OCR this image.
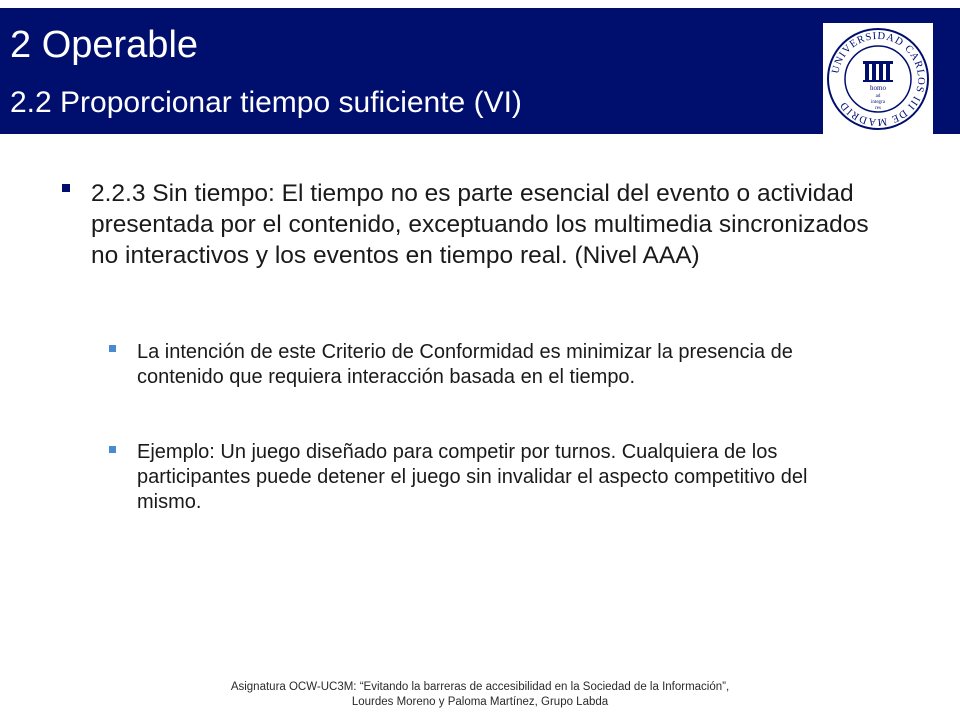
2 Operable
2.2 Proporcionar tiempo suficiente (VI)
UNIVERSIDAD CARLOS III DE MADRID
homo
ad
integra
res
2.2.3 Sin tiempo: El tiempo no es parte esencial del evento o actividad presentada por el contenido, exceptuando los multimedia sincronizados no interactivos y los eventos en tiempo real. (Nivel AAA)
La intención de este Criterio de Conformidad es minimizar la presencia de contenido que requiera interacción basada en el tiempo.
Ejemplo: Un juego diseñado para competir por turnos. Cualquiera de los participantes puede detener el juego sin invalidar el aspecto competitivo del mismo.
Asignatura OCW-UC3M: “Evitando la barreras de accesibilidad en la Sociedad de la Información”,
Lourdes Moreno y Paloma Martínez, Grupo Labda
